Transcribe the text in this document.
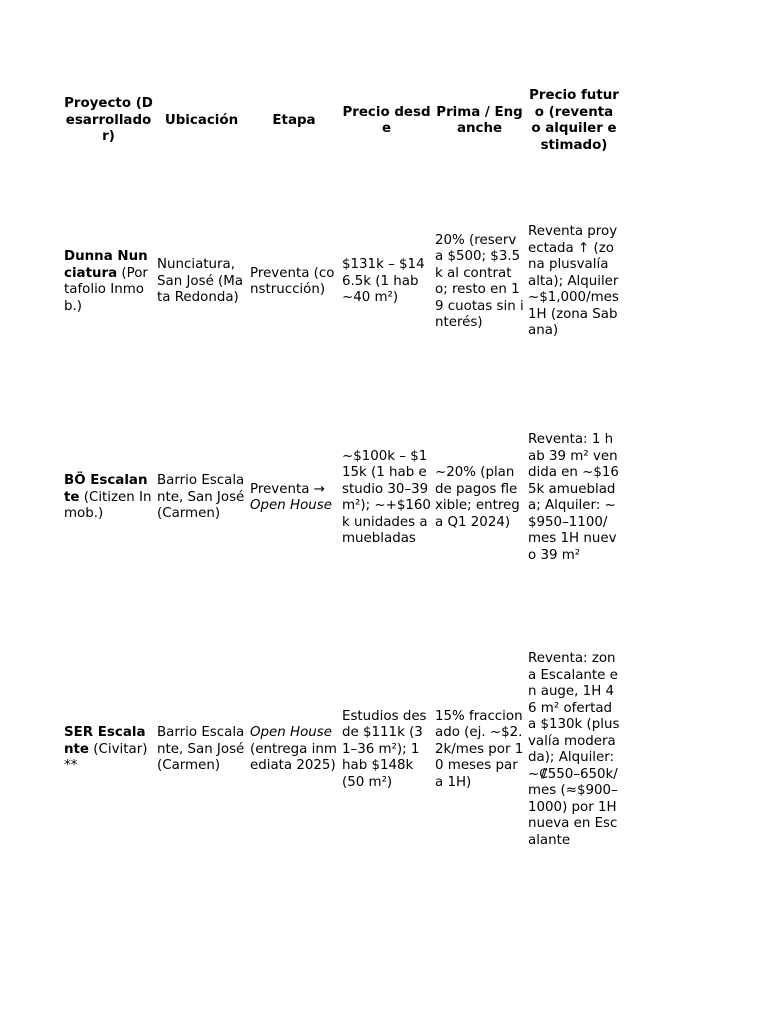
Proyecto (Desarrollador)	Ubicación	Etapa	Precio desde	Prima / Enganche	Precio futuro (reventa o alquiler estimado)
Dunna Nunciatura (Portafolio Inmob.)	Nunciatura, San José (Mata Redonda)	Preventa (construcción)	$131k – $146.5k (1 hab ~40 m²)	20% (reserva $500; $3.5k al contrato; resto en 19 cuotas sin interés)	Reventa proyectada ↑ (zona plusvalía alta); Alquiler ~$1,000/mes 1H (zona Sabana)
BÖ Escalante (Citizen Inmob.)	Barrio Escalante, San José (Carmen)	Preventa → Open House	~$100k – $115k (1 hab estudio 30–39 m²); ~+$160k unidades amuebladas	~20% (plan de pagos flexible; entrega Q1 2024)	Reventa: 1 hab 39 m² vendida en ~$165k amueblada; Alquiler: ~$950–1100/mes 1H nuevo 39 m²
SER Escalante (Civitar)**	Barrio Escalante, San José (Carmen)	Open House (entrega inmediata 2025)	Estudios desde $111k (31–36 m²); 1 hab $148k (50 m²)	15% fraccionado (ej. ~$2.2k/mes por 10 meses para 1H)	Reventa: zona Escalante en auge, 1H 46 m² ofertada $130k (plusvalía moderada); Alquiler: ~₡550–650k/mes (≈$900–1000) por 1H nueva en Escalante
